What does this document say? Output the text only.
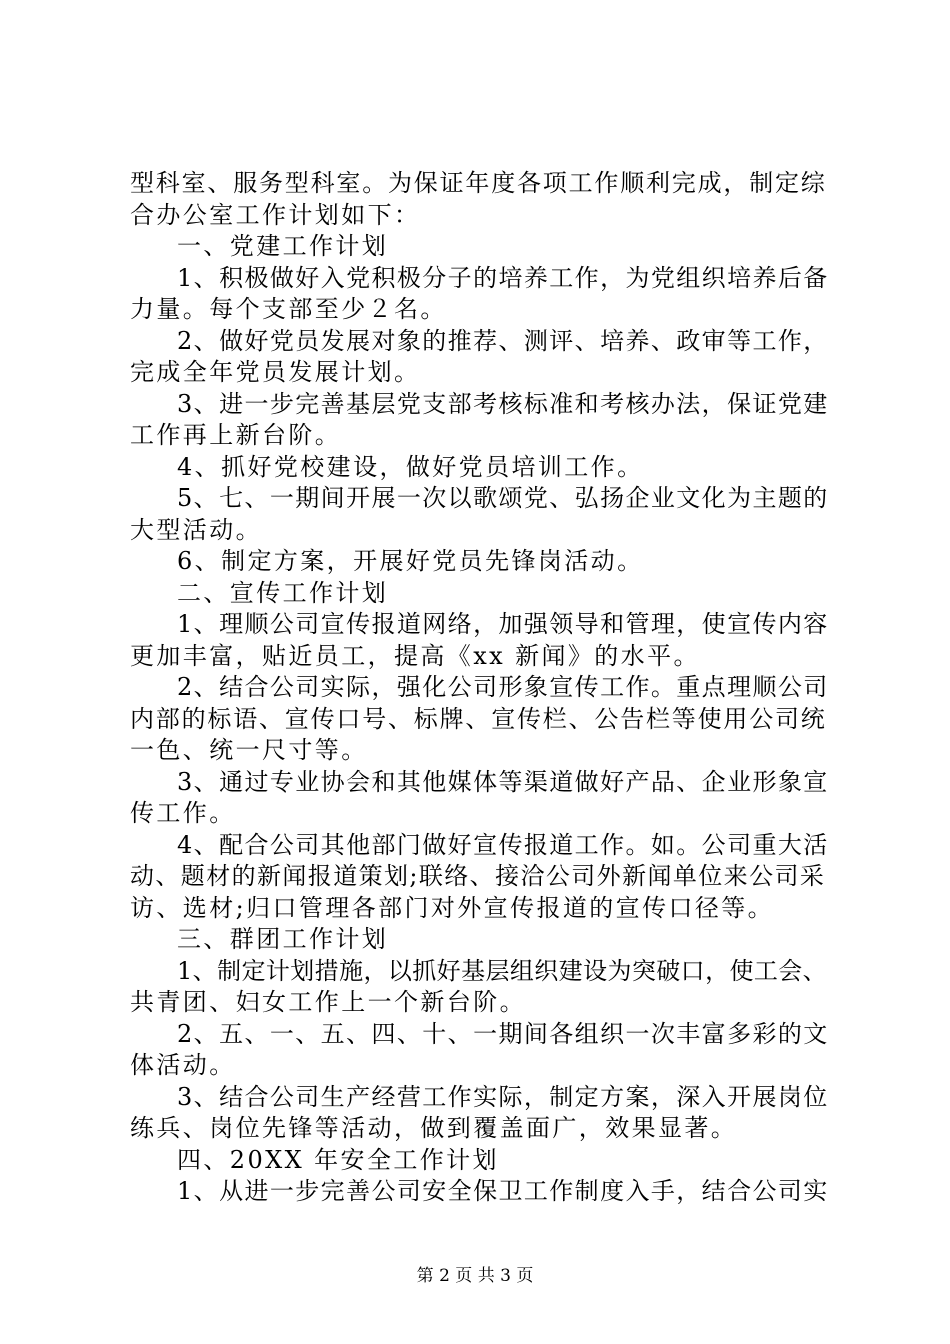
型科室、服务型科室。为保证年度各项工作顺利完成，制定综
合办公室工作计划如下：
一、党建工作计划
1、积极做好入党积极分子的培养工作，为党组织培养后备
力量。每个支部至少２名。
2、做好党员发展对象的推荐、测评、培养、政审等工作，
完成全年党员发展计划。
3、进一步完善基层党支部考核标准和考核办法，保证党建
工作再上新台阶。
4、抓好党校建设，做好党员培训工作。
5、七、一期间开展一次以歌颂党、弘扬企业文化为主题的
大型活动。
6、制定方案，开展好党员先锋岗活动。
二、宣传工作计划
1、理顺公司宣传报道网络，加强领导和管理，使宣传内容
更加丰富，贴近员工，提高《xx 新闻》的水平。
2、结合公司实际，强化公司形象宣传工作。重点理顺公司
内部的标语、宣传口号、标牌、宣传栏、公告栏等使用公司统
一色、统一尺寸等。
3、通过专业协会和其他媒体等渠道做好产品、企业形象宣
传工作。
4、配合公司其他部门做好宣传报道工作。如。公司重大活
动、题材的新闻报道策划;联络、接洽公司外新闻单位来公司采
访、选材;归口管理各部门对外宣传报道的宣传口径等。
三、群团工作计划
1、制定计划措施，以抓好基层组织建设为突破口，使工会、
共青团、妇女工作上一个新台阶。
2、五、一、五、四、十、一期间各组织一次丰富多彩的文
体活动。
3、结合公司生产经营工作实际，制定方案，深入开展岗位
练兵、岗位先锋等活动，做到覆盖面广，效果显著。
四、20XX 年安全工作计划
1、从进一步完善公司安全保卫工作制度入手，结合公司实
第 2 页 共 3 页
